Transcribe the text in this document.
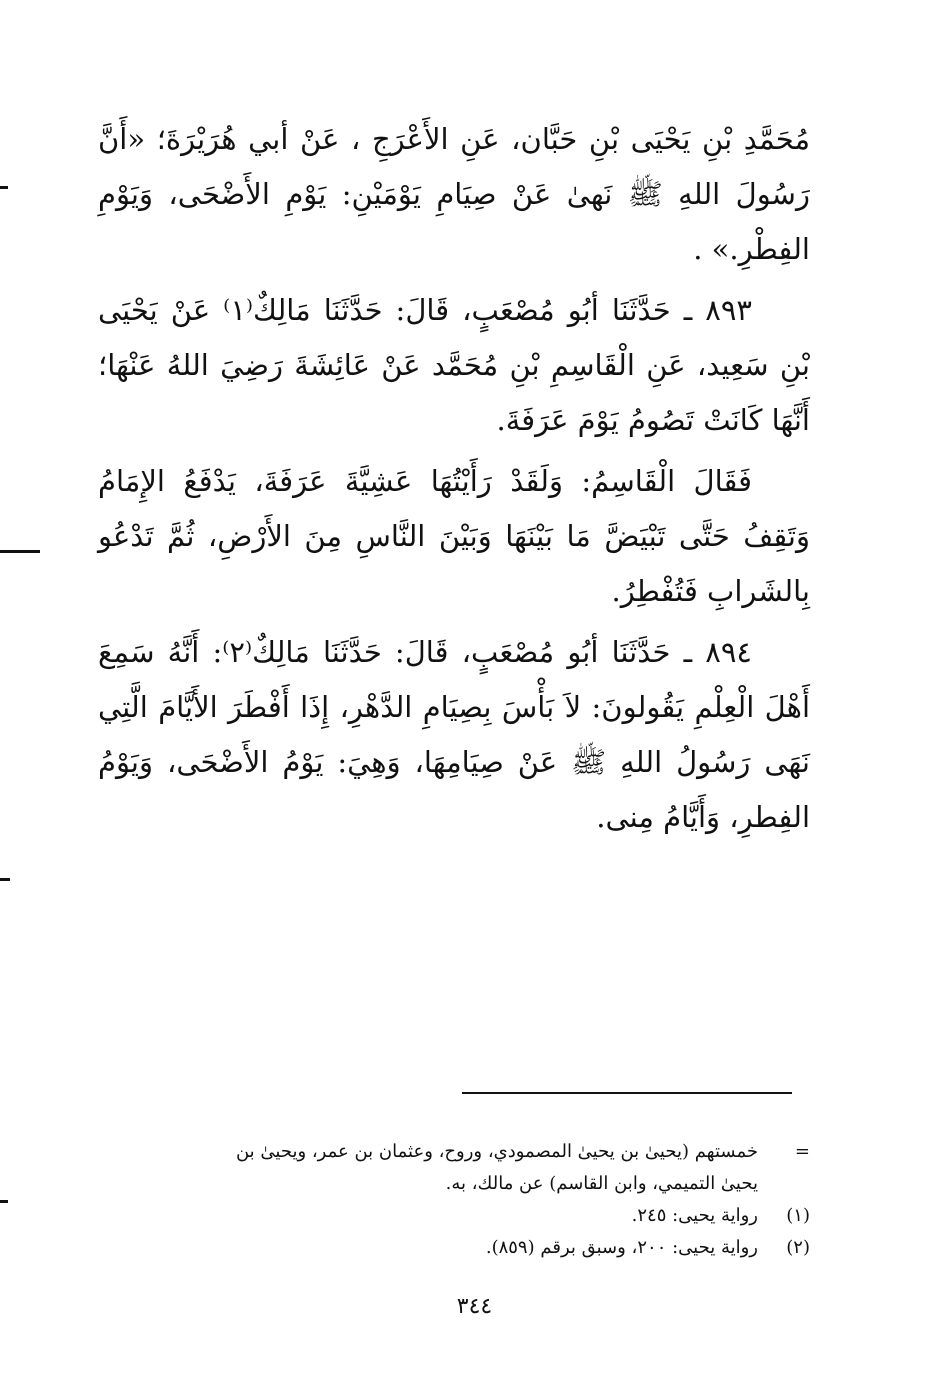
مُحَمَّدِ بْنِ يَحْيَى بْنِ حَبَّان، عَنِ الأَعْرَجِ ، عَنْ أبي هُرَيْرَةَ؛ «أَنَّ رَسُولَ اللهِ ﷺ نَهىٰ عَنْ صِيَامِ يَوْمَيْنِ: يَوْمِ الأَضْحَى، وَيَوْمِ الفِطْرِ.» .

٨٩٣ ـ حَدَّثَنَا أبُو مُصْعَبٍ، قَالَ: حَدَّثَنَا مَالِكٌ⁽١⁾ عَنْ يَحْيَى بْنِ سَعِيد، عَنِ الْقَاسِمِ بْنِ مُحَمَّد عَنْ عَائِشَةَ رَضِيَ اللهُ عَنْهَا؛ أَنَّهَا كَانَتْ تَصُومُ يَوْمَ عَرَفَةَ.

فَقَالَ الْقَاسِمُ: وَلَقَدْ رَأَيْتُهَا عَشِيَّةَ عَرَفَةَ، يَدْفَعُ الإِمَامُ وَتَقِفُ حَتَّى تَبْيَضَّ مَا بَيْنَهَا وَبَيْنَ النَّاسِ مِنَ الأَرْضِ، ثُمَّ تَدْعُو بِالشَرابِ فَتُفْطِرُ.

٨٩٤ ـ حَدَّثَنَا أبُو مُصْعَبٍ، قَالَ: حَدَّثَنَا مَالِكٌ⁽٢⁾: أَنَّهُ سَمِعَ أَهْلَ الْعِلْمِ يَقُولونَ: لاَ بَأْسَ بِصِيَامِ الدَّهْرِ، إِذَا أَفْطَرَ الأَيَّامَ الَّتِي نَهَى رَسُولُ اللهِ ﷺ عَنْ صِيَامِهَا، وَهِيَ: يَوْمُ الأَضْحَى، وَيَوْمُ الفِطرِ، وَأَيَّامُ مِنى.

=
خمستهم (يحيىٰ بن يحيىٰ المصمودي، وروح، وعثمان بن عمر، ويحيىٰ بن

يحيىٰ التميمي، وابن القاسم) عن مالك، به.

(١)
رواية يحيى: ٢٤٥.

(٢)
رواية يحيى: ٢٠٠، وسبق برقم (٨٥٩).

٣٤٤
